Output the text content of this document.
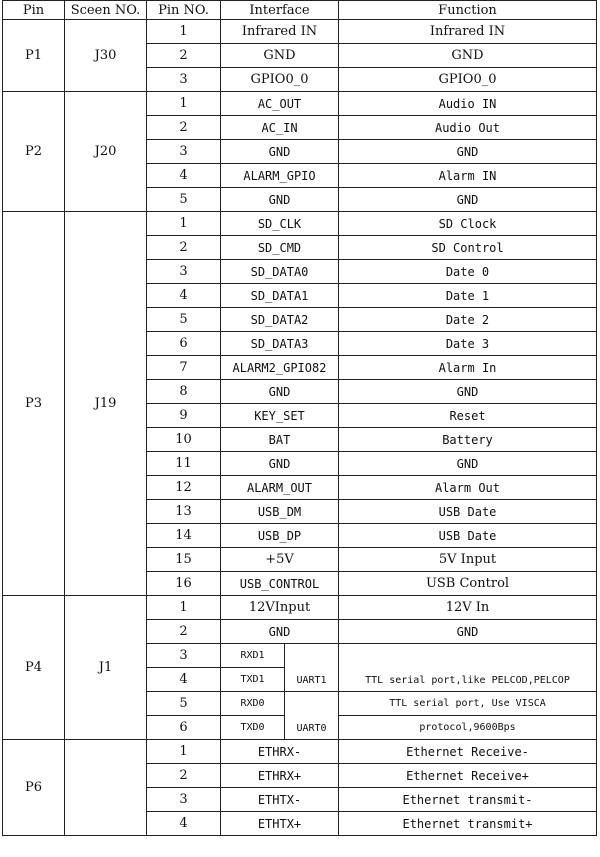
Pin	Sceen NO.	Pin NO.	Interface		Function
P1	J30	1	Infrared IN		Infrared IN
		2	GND		GND
		3	GPIO0_0		GPIO0_0
P2	J20	1	AC_OUT		Audio IN
		2	AC_IN		Audio Out
		3	GND		GND
		4	ALARM_GPIO		Alarm IN
		5	GND		GND
P3	J19	1	SD_CLK		SD Clock
		2	SD_CMD		SD Control
		3	SD_DATA0		Date 0
		4	SD_DATA1		Date 1
		5	SD_DATA2		Date 2
		6	SD_DATA3		Date 3
		7	ALARM2_GPIO82		Alarm In
		8	GND		GND
		9	KEY_SET		Reset
		10	BAT		Battery
		11	GND		GND
		12	ALARM_OUT		Alarm Out
		13	USB_DM		USB Date
		14	USB_DP		USB Date
		15	+5V		5V Input
		16	USB_CONTROL		USB Control
P4	J1	1	12VInput		12V In
		2	GND		GND
		3	RXD1	UART1	TTL serial port,like PELCOD,PELCOP
		4	TXD1		
		5	RXD0	UART0	TTL serial port, Use VISCA
		6	TXD0		protocol,9600Bps
P6		1	ETHRX-		Ethernet Receive-
		2	ETHRX+		Ethernet Receive+
		3	ETHTX-		Ethernet transmit-
		4	ETHTX+		Ethernet transmit+
